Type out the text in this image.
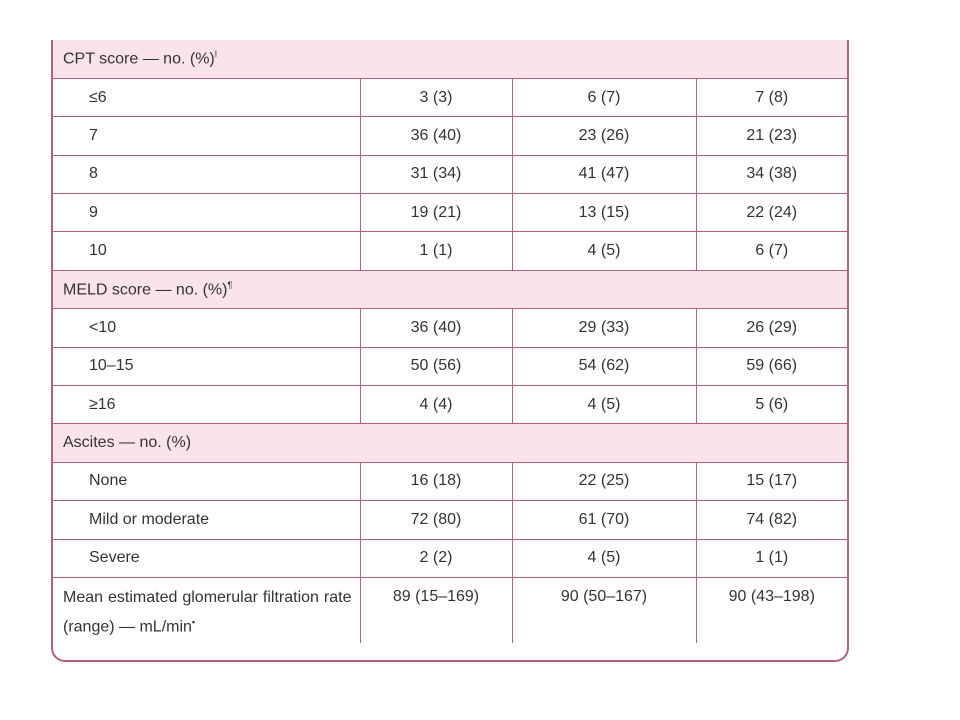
CPT score — no. (%)$^ǀ$
≤6	3 (3)	6 (7)	7 (8)
7	36 (40)	23 (26)	21 (23)
8	31 (34)	41 (47)	34 (38)
9	19 (21)	13 (15)	22 (24)
10	1 (1)	4 (5)	6 (7)
MELD score — no. (%)¶
<10	36 (40)	29 (33)	26 (29)
10–15	50 (56)	54 (62)	59 (66)
≥16	4 (4)	4 (5)	5 (6)
Ascites — no. (%)			
None	16 (18)	22 (25)	15 (17)
Mild or moderate	72 (80)	61 (70)	74 (82)
Severe	2 (2)	4 (5)	1 (1)
Mean estimated glomerular filtration rate (range) — mL/min▪	89 (15–169)	90 (50–167)	90 (43–198)
